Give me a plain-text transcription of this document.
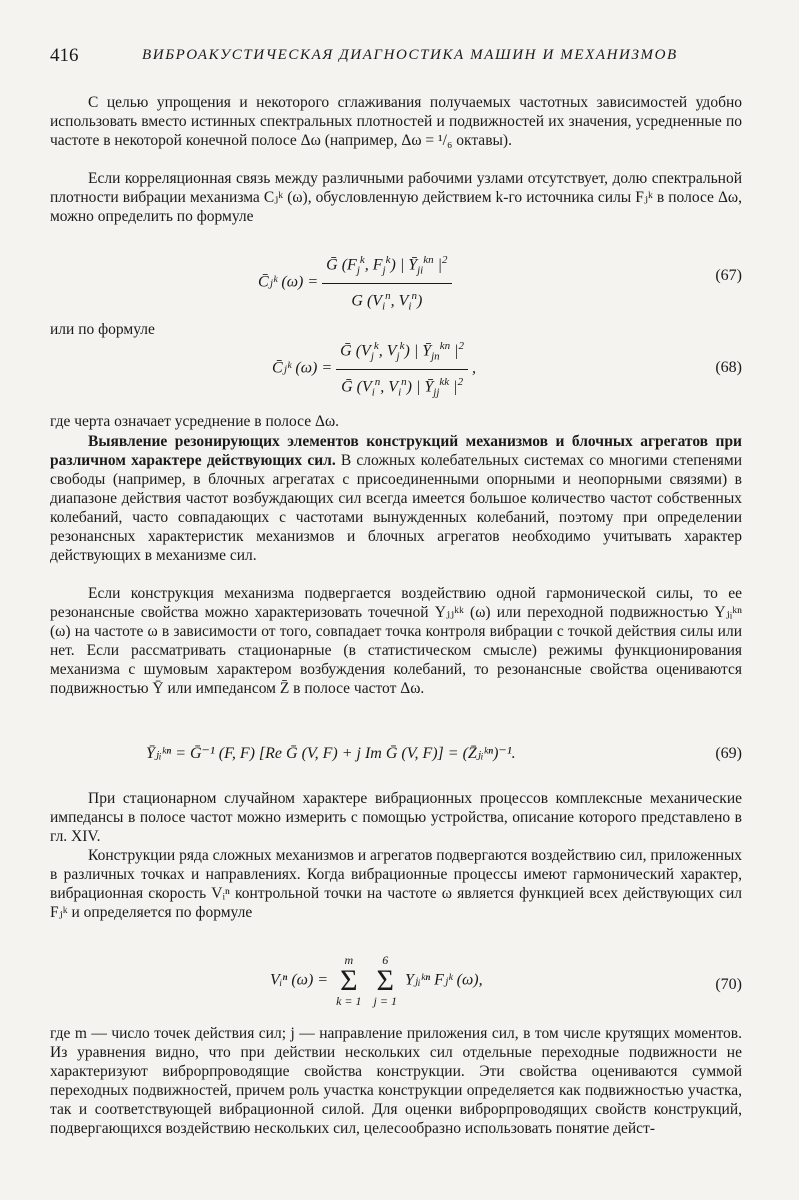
416	ВИБРОАКУСТИЧЕСКАЯ ДИАГНОСТИКА МАШИН И МЕХАНИЗМОВ

С целью упрощения и некоторого сглаживания получаемых частотных зависимостей удобно использовать вместо истинных спектральных плотностей и подвижностей их значения, усредненные по частоте в некоторой конечной полосе Δω (например, Δω = ¹/₆ октавы).

Если корреляционная связь между различными рабочими узлами отсутствует, долю спектральной плотности вибрации механизма Cⱼᵏ (ω), обусловленную действием k-го источника силы Fⱼᵏ в полосе Δω, можно определить по формуле

C̄ⱼᵏ $(\omega) = \frac{Ḡ (F_j^k, F_j^k) | Ȳ_{ji}^{kn} |^2}{G (V_i^n, V_i^n)}$	(67)

или по формуле

C̄ⱼᵏ $(\omega) = \frac{Ḡ (V_j^k, V_j^k) | Ȳ_{jn}^{kn} |^2}{Ḡ (V_i^n, V_i^n) | Ȳ_{jj}^{kk} |^2}$ ,	(68)

где черта означает усреднение в полосе Δω.

Выявление резонирующих элементов конструкций механизмов и блочных агрегатов при различном характере действующих сил. В сложных колебательных системах со многими степенями свободы (например, в блочных агрегатах с присоединенными опорными и неопорными связями) в диапазоне действия частот возбуждающих сил всегда имеется большое количество частот собственных колебаний, часто совпадающих с частотами вынужденных колебаний, поэтому при определении резонансных характеристик механизмов и блочных агрегатов необходимо учитывать характер действующих в механизме сил.

Если конструкция механизма подвергается воздействию одной гармонической силы, то ее резонансные свойства можно характеризовать точечной Yⱼⱼᵏᵏ (ω) или переходной подвижностью Yⱼᵢᵏⁿ (ω) на частоте ω в зависимости от того, совпадает точка контроля вибрации с точкой действия силы или нет. Если рассматривать стационарные (в статистическом смысле) режимы функционирования механизма с шумовым характером возбуждения колебаний, то резонансные свойства оцениваются подвижностью Ȳ или импедансом Z̄ в полосе частот Δω.

Ȳⱼᵢᵏⁿ = Ḡ⁻¹ (F, F) [Re Ḡ (V, F) + j Im Ḡ (V, F)] = (Z̄ⱼᵢᵏⁿ)⁻¹.	(69)

При стационарном случайном характере вибрационных процессов комплексные механические импедансы в полосе частот можно измерить с помощью устройства, описание которого представлено в гл. XIV.

Конструкции ряда сложных механизмов и агрегатов подвергаются воздействию сил, приложенных в различных точках и направлениях. Когда вибрационные процессы имеют гармонический характер, вибрационная скорость Vᵢⁿ контрольной точки на частоте ω является функцией всех действующих сил Fⱼᵏ и определяется по формуле

Vᵢⁿ (ω) =
m
Σ
k = 1

6
Σ
j = 1
Yⱼᵢᵏⁿ Fⱼᵏ (ω),	(70)

где m — число точек действия сил; j — направление приложения сил, в том числе крутящих моментов. Из уравнения видно, что при действии нескольких сил отдельные переходные подвижности не характеризуют виброрпроводящие свойства конструкции. Эти свойства оцениваются суммой переходных подвижностей, причем роль участка конструкции определяется как подвижностью участка, так и соответствующей вибрационной силой. Для оценки виброрпроводящих свойств конструкций, подвергающихся воздействию нескольких сил, целесообразно использовать понятие дейст-
